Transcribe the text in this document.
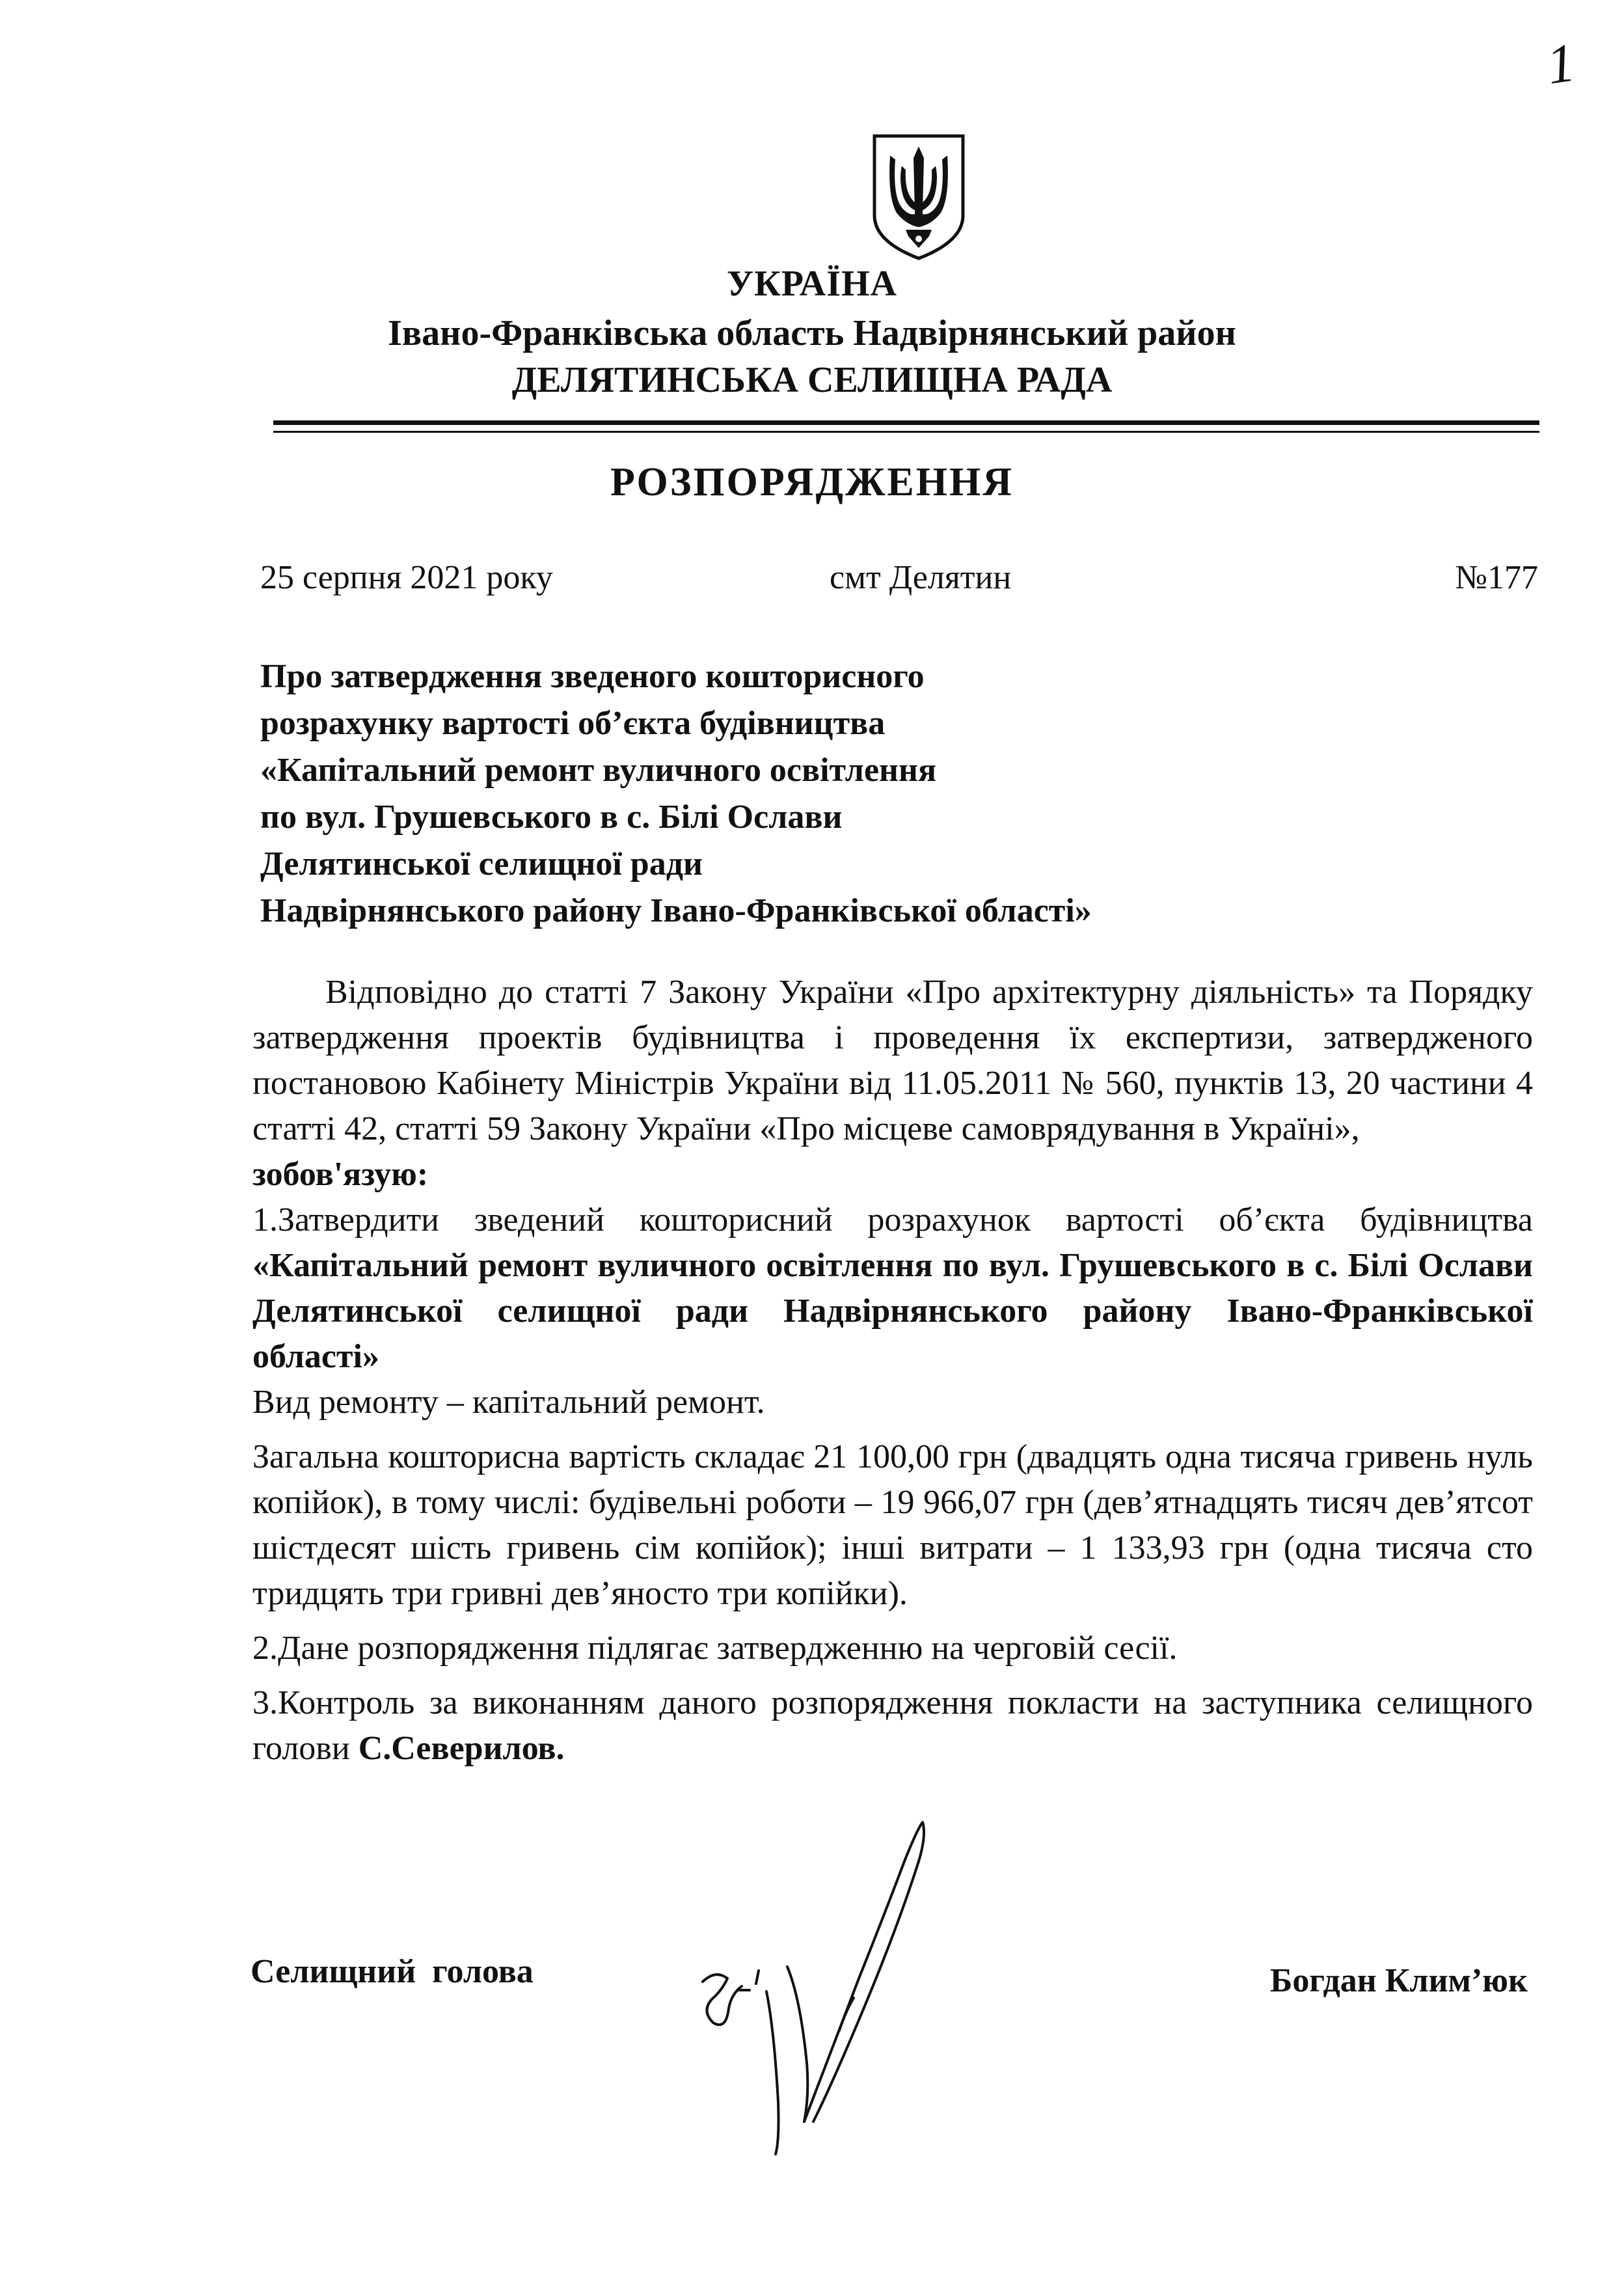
1
УКРАЇНА
Івано-Франківська область Надвірнянський район
ДЕЛЯТИНСЬКА СЕЛИЩНА РАДА
РОЗПОРЯДЖЕННЯ
25 серпня 2021 року	смт Делятин	№177
Про затвердження зведеного кошторисного
розрахунку вартості об’єкта будівництва
«Капітальний ремонт вуличного освітлення
по вул. Грушевського в с. Білі Ослави
Делятинської селищної ради
Надвірнянського району Івано-Франківської області»

Відповідно до статті 7 Закону України «Про архітектурну діяльність» та Порядку затвердження проектів будівництва і проведення їх експертизи, затвердженого постановою Кабінету Міністрів України від 11.05.2011 № 560, пунктів 13, 20 частини 4 статті 42, статті 59 Закону України «Про місцеве самоврядування в Україні»,

зобов'язую:

1.Затвердити зведений кошторисний розрахунок вартості об’єкта будівництва «Капітальний ремонт вуличного освітлення по вул. Грушевського в с. Білі Ослави Делятинської селищної ради Надвірнянського району Івано-Франківської області»

Вид ремонту – капітальний ремонт.

Загальна кошторисна вартість складає 21 100,00 грн (двадцять одна тисяча гривень нуль копійок), в тому числі: будівельні роботи – 19 966,07 грн (дев’ятнадцять тисяч дев’ятсот шістдесят шість гривень сім копійок); інші витрати – 1 133,93 грн (одна тисяча сто тридцять три гривні дев’яносто три копійки).

2.Дане розпорядження підлягає затвердженню на черговій сесії.

3.Контроль за виконанням даного розпорядження покласти на заступника селищного голови С.Северилов.

Селищний голова	Богдан Клим’юк
